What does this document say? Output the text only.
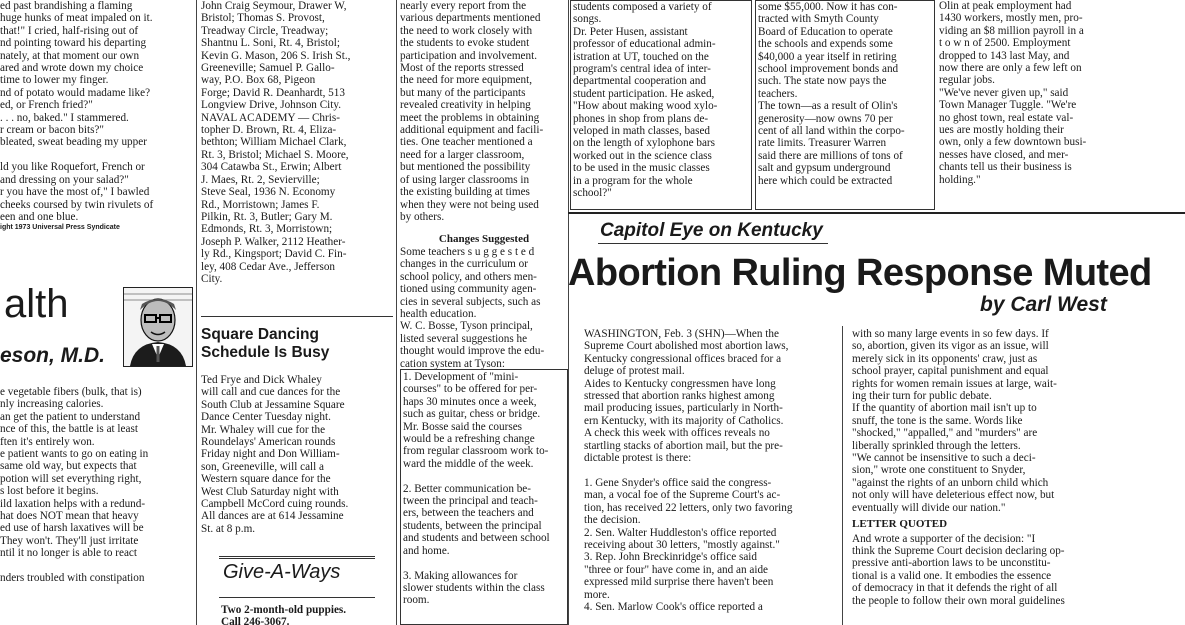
ed past brandishing a flaming
huge hunks of meat impaled on it.
that!" I cried, half-rising out of
nd pointing toward his departing
nately, at that moment our own
ared and wrote down my choice
time to lower my finger.
nd of potato would madame like?
ed, or French fried?"
. . . no, baked." I stammered.
r cream or bacon bits?"
bleated, sweat beading my upper

ld you like Roquefort, French or
and dressing on your salad?"
r you have the most of," I bawled
cheeks coursed by twin rivulets of
een and one blue.
ight 1973 Universal Press Syndicate
alth
eson, M.D.
e vegetable fibers (bulk, that is)
nly increasing calories.
an get the patient to understand
nce of this, the battle is at least
ften it's entirely won.
e patient wants to go on eating in
same old way, but expects that
potion will set everything right,
s lost before it begins.
ild laxation helps with a redund-
hat does NOT mean that heavy
ed use of harsh laxatives will be
They won't. They'll just irritate
ntil it no longer is able to react

nders troubled with constipation
John Craig Seymour, Drawer W,
Bristol; Thomas S. Provost,
Treadway Circle, Treadway;
Shantnu L. Soni, Rt. 4, Bristol;
Kevin G. Mason, 206 S. Irish St.,
Greeneville; Samuel P. Gallo-
way, P.O. Box 68, Pigeon
Forge; David R. Deanhardt, 513
Longview Drive, Johnson City.
NAVAL ACADEMY — Chris-
topher D. Brown, Rt. 4, Eliza-
bethton; William Michael Clark,
Rt. 3, Bristol; Michael S. Moore,
304 Catawba St., Erwin; Albert
J. Maes, Rt. 2, Sevierville;
Steve Seal, 1936 N. Economy
Rd., Morristown; James F.
Pilkin, Rt. 3, Butler; Gary M.
Edmonds, Rt. 3, Morristown;
Joseph P. Walker, 2112 Heather-
ly Rd., Kingsport; David C. Fin-
ley, 408 Cedar Ave., Jefferson
City.
Square Dancing
Schedule Is Busy
Ted Frye and Dick Whaley
will call and cue dances for the
South Club at Jessamine Square
Dance Center Tuesday night.
Mr. Whaley will cue for the
Roundelays' American rounds
Friday night and Don William-
son, Greeneville, will call a
Western square dance for the
West Club Saturday night with
Campbell McCord cuing rounds.
All dances are at 614 Jessamine
St. at 8 p.m.
Give-A-Ways
Two 2-month-old puppies.
Call 246-3067.
nearly every report from the
various departments mentioned
the need to work closely with
the students to evoke student
participation and involvement.
Most of the reports stressed
the need for more equipment,
but many of the participants
revealed creativity in helping
meet the problems in obtaining
additional equipment and facili-
ties. One teacher mentioned a
need for a larger classroom,
but mentioned the possibility
of using larger classrooms in
the existing building at times
when they were not being used
by others.
Changes Suggested
Some teachers s u g g e s t e d
changes in the curriculum or
school policy, and others men-
tioned using community agen-
cies in several subjects, such as
health education.
W. C. Bosse, Tyson principal,
listed several suggestions he
thought would improve the edu-
cation system at Tyson:
1. Development of "mini-
courses" to be offered for per-
haps 30 minutes once a week,
such as guitar, chess or bridge.
Mr. Bosse said the courses
would be a refreshing change
from regular classroom work to-
ward the middle of the week.

2. Better communication be-
tween the principal and teach-
ers, between the teachers and
students, between the principal
and students and between school
and home.

3. Making allowances for
slower students within the class
room.
students composed a variety of
songs.
Dr. Peter Husen, assistant
professor of educational admin-
istration at UT, touched on the
program's central idea of inter-
departmental cooperation and
student participation. He asked,
"How about making wood xylo-
phones in shop from plans de-
veloped in math classes, based
on the length of xylophone bars
worked out in the science class
to be used in the music classes
in a program for the whole
school?"
some $55,000. Now it has con-
tracted with Smyth County
Board of Education to operate
the schools and expends some
$40,000 a year itself in retiring
school improvement bonds and
such. The state now pays the
teachers.
The town—as a result of Olin's
generosity—now owns 70 per
cent of all land within the corpo-
rate limits. Treasurer Warren
said there are millions of tons of
salt and gypsum underground
here which could be extracted
Olin at peak employment had
1430 workers, mostly men, pro-
viding an $8 million payroll in a
t o w n of 2500. Employment
dropped to 143 last May, and
now there are only a few left on
regular jobs.
"We've never given up," said
Town Manager Tuggle. "We're
no ghost town, real estate val-
ues are mostly holding their
own, only a few downtown busi-
nesses have closed, and mer-
chants tell us their business is
holding."
Capitol Eye on Kentucky
Abortion Ruling Response Muted
by Carl West
WASHINGTON, Feb. 3 (SHN)—When the
Supreme Court abolished most abortion laws,
Kentucky congressional offices braced for a
deluge of protest mail.
Aides to Kentucky congressmen have long
stressed that abortion ranks highest among
mail producing issues, particularly in North-
ern Kentucky, with its majority of Catholics.
A check this week with offices reveals no
startling stacks of abortion mail, but the pre-
dictable protest is there:

1. Gene Snyder's office said the congress-
man, a vocal foe of the Supreme Court's ac-
tion, has received 22 letters, only two favoring
the decision.
2. Sen. Walter Huddleston's office reported
receiving about 30 letters, "mostly against."
3. Rep. John Breckinridge's office said
"three or four" have come in, and an aide
expressed mild surprise there haven't been
more.
4. Sen. Marlow Cook's office reported a
with so many large events in so few days. If
so, abortion, given its vigor as an issue, will
merely sick in its opponents' craw, just as
school prayer, capital punishment and equal
rights for women remain issues at large, wait-
ing their turn for public debate.
If the quantity of abortion mail isn't up to
snuff, the tone is the same. Words like
"shocked," "appalled," and "murders" are
liberally sprinkled through the letters.
"We cannot be insensitive to such a deci-
sion," wrote one constituent to Snyder,
"against the rights of an unborn child which
not only will have deleterious effect now, but
eventually will divide our nation."
LETTER QUOTED
And wrote a supporter of the decision: "I
think the Supreme Court decision declaring op-
pressive anti-abortion laws to be unconstitu-
tional is a valid one. It embodies the essence
of democracy in that it defends the right of all
the people to follow their own moral guidelines
